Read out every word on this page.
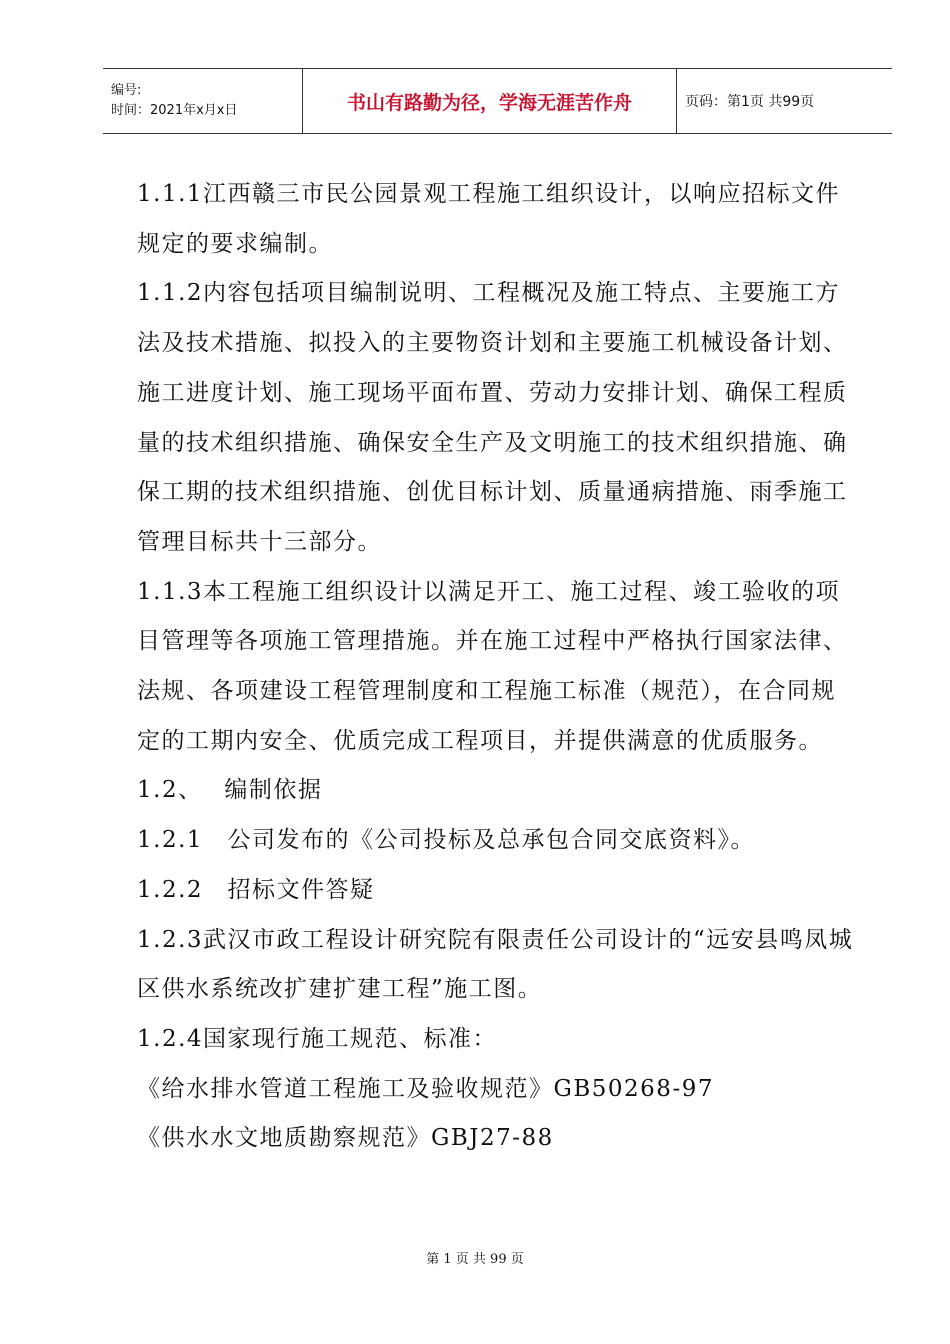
编号:
时间：2021年x月x日	书山有路勤为径，学海无涯苦作舟	页码：第1页 共99页

1.1.1江西赣三市民公园景观工程施工组织设计，以响应招标文件规定的要求编制。

1.1.2内容包括项目编制说明、工程概况及施工特点、主要施工方法及技术措施、拟投入的主要物资计划和主要施工机械设备计划、施工进度计划、施工现场平面布置、劳动力安排计划、确保工程质量的技术组织措施、确保安全生产及文明施工的技术组织措施、确保工期的技术组织措施、创优目标计划、质量通病措施、雨季施工管理目标共十三部分。

1.1.3本工程施工组织设计以满足开工、施工过程、竣工验收的项目管理等各项施工管理措施。并在施工过程中严格执行国家法律、法规、各项建设工程管理制度和工程施工标准（规范），在合同规定的工期内安全、优质完成工程项目，并提供满意的优质服务。

1.2、　 编制依据

1.2.1　公司发布的《公司投标及总承包合同交底资料》。

1.2.2　招标文件答疑

1.2.3武汉市政工程设计研究院有限责任公司设计的“远安县鸣凤城区供水系统改扩建扩建工程”施工图。

1.2.4国家现行施工规范、标准：

《给水排水管道工程施工及验收规范》GB50268-97

《供水水文地质勘察规范》GBJ27-88

第 1 页 共 99 页
